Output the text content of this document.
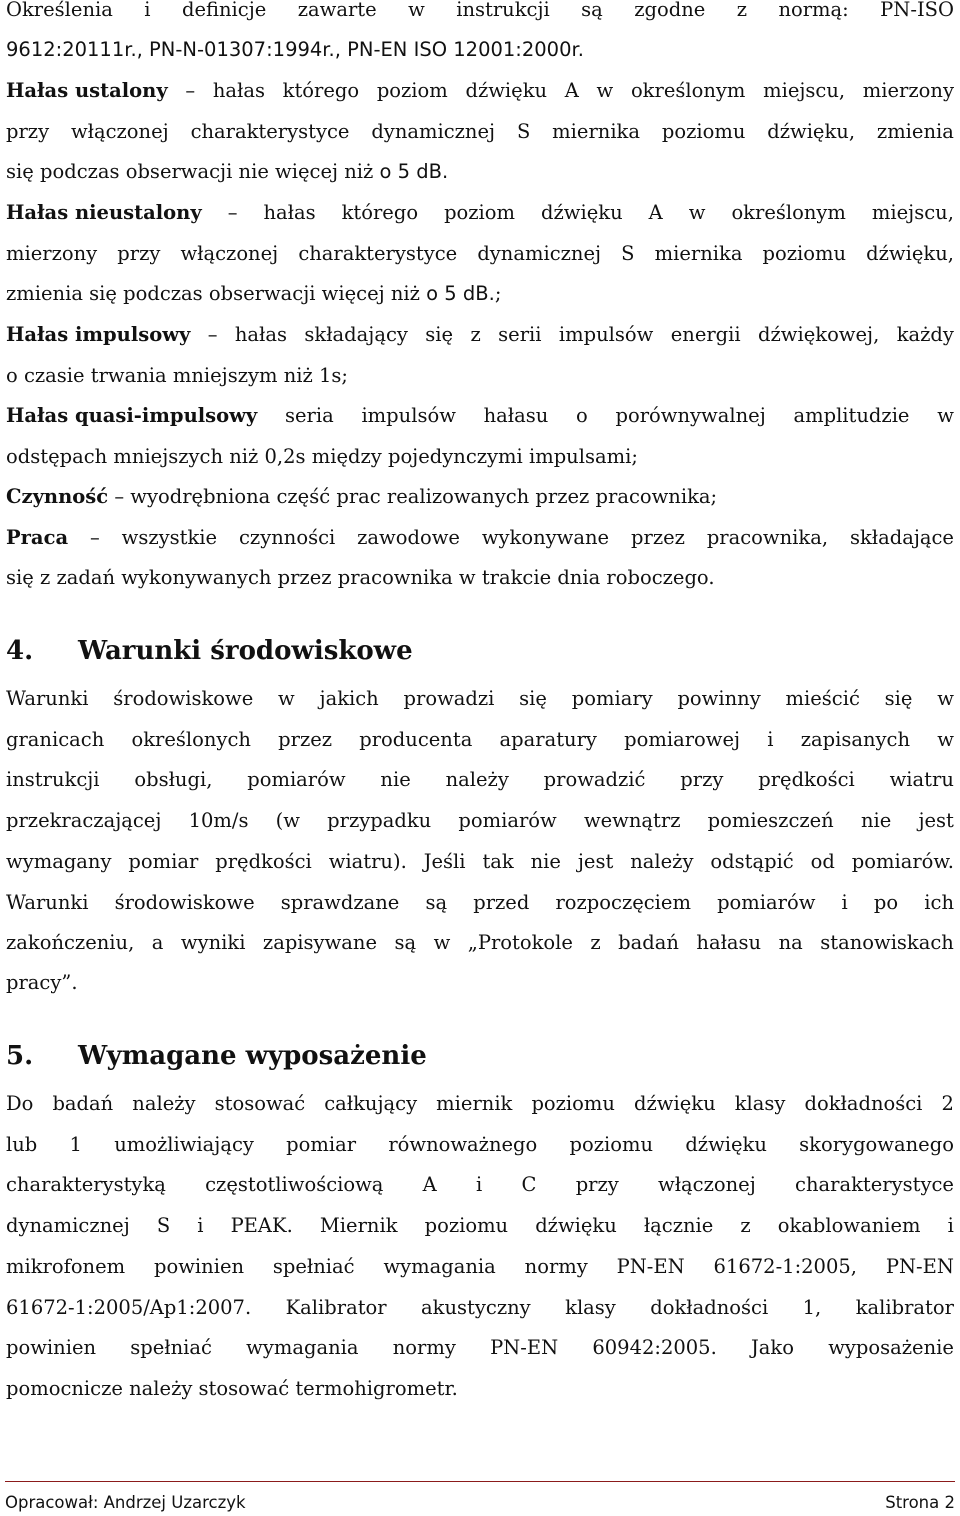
Określenia i definicje zawarte w instrukcji są zgodne z normą: PN-ISO
9612:20111r., PN-N-01307:1994r., PN-EN ISO 12001:2000r.
Hałas ustalony – hałas którego poziom dźwięku A w określonym miejscu, mierzony
przy włączonej charakterystyce dynamicznej S miernika poziomu dźwięku, zmienia
się podczas obserwacji nie więcej niż o 5 dB.
Hałas nieustalony – hałas którego poziom dźwięku A w określonym miejscu,
mierzony przy włączonej charakterystyce dynamicznej S miernika poziomu dźwięku,
zmienia się podczas obserwacji więcej niż o 5 dB.;
Hałas impulsowy – hałas składający się z serii impulsów energii dźwiękowej, każdy
o czasie trwania mniejszym niż 1s;
Hałas quasi-impulsowy seria impulsów hałasu o porównywalnej amplitudzie w
odstępach mniejszych niż 0,2s między pojedynczymi impulsami;
Czynność – wyodrębniona część prac realizowanych przez pracownika;
Praca – wszystkie czynności zawodowe wykonywane przez pracownika, składające
się z zadań wykonywanych przez pracownika w trakcie dnia roboczego.
4. Warunki środowiskowe
Warunki środowiskowe w jakich prowadzi się pomiary powinny mieścić się w
granicach określonych przez producenta aparatury pomiarowej i zapisanych w
instrukcji obsługi, pomiarów nie należy prowadzić przy prędkości wiatru
przekraczającej 10m/s (w przypadku pomiarów wewnątrz pomieszczeń nie jest
wymagany pomiar prędkości wiatru). Jeśli tak nie jest należy odstąpić od pomiarów.
Warunki środowiskowe sprawdzane są przed rozpoczęciem pomiarów i po ich
zakończeniu, a wyniki zapisywane są w „Protokole z badań hałasu na stanowiskach
pracy”.
5. Wymagane wyposażenie
Do badań należy stosować całkujący miernik poziomu dźwięku klasy dokładności 2
lub 1 umożliwiający pomiar równoważnego poziomu dźwięku skorygowanego
charakterystyką częstotliwościową A i C przy włączonej charakterystyce
dynamicznej S i PEAK. Miernik poziomu dźwięku łącznie z okablowaniem i
mikrofonem powinien spełniać wymagania normy PN-EN 61672-1:2005, PN-EN
61672-1:2005/Ap1:2007. Kalibrator akustyczny klasy dokładności 1, kalibrator
powinien spełniać wymagania normy PN-EN 60942:2005. Jako wyposażenie
pomocnicze należy stosować termohigrometr.
Opracował: Andrzej Uzarczyk	Strona 2
